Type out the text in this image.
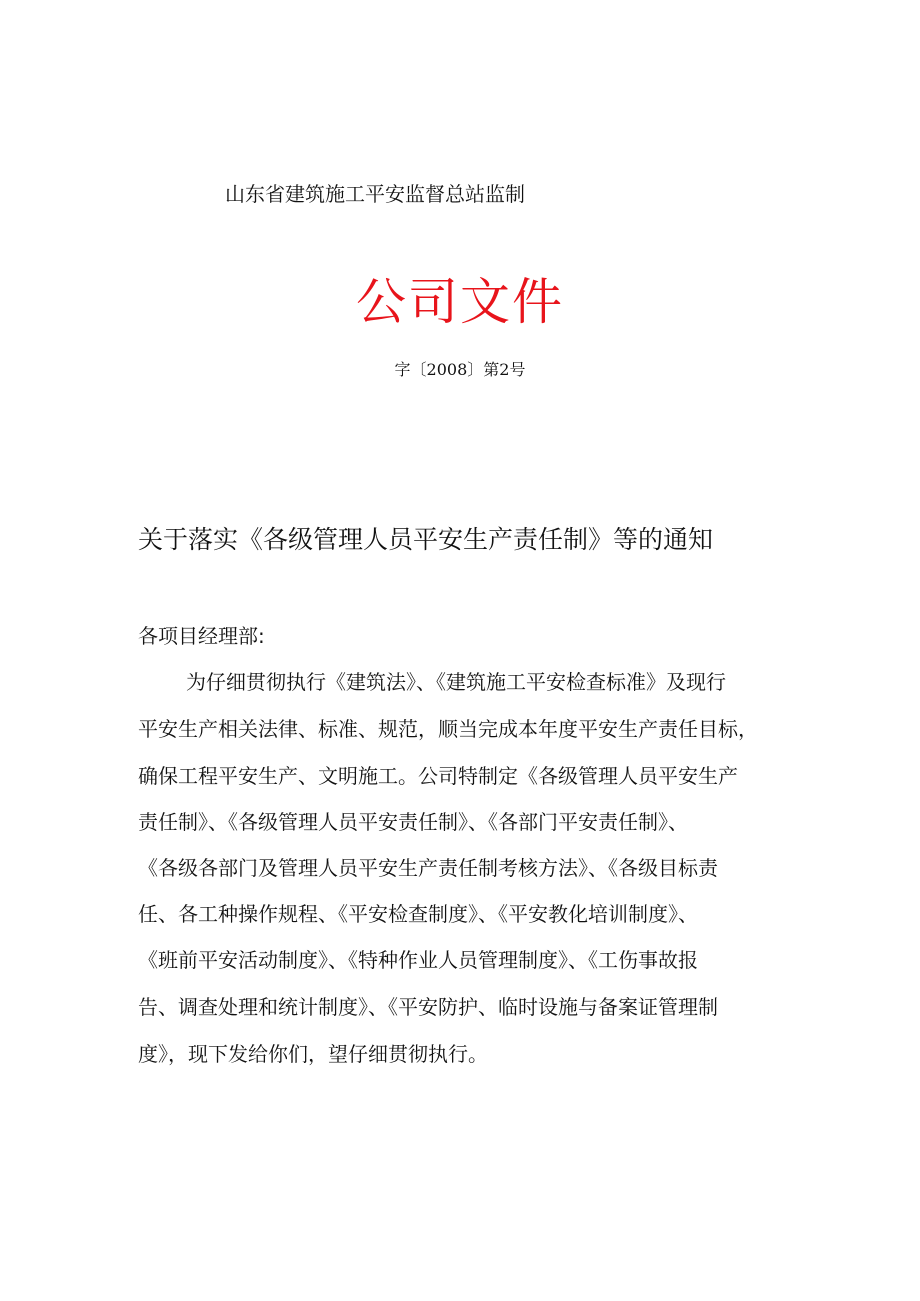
山东省建筑施工平安监督总站监制
公司文件
字〔2008〕第2号
关于落实《各级管理人员平安生产责任制》等的通知
各项目经理部:
为仔细贯彻执行《建筑法》、《建筑施工平安检查标准》及现行
平安生产相关法律、标准、规范，顺当完成本年度平安生产责任目标，
确保工程平安生产、文明施工。公司特制定《各级管理人员平安生产
责任制》、《各级管理人员平安责任制》、《各部门平安责任制》、
《各级各部门及管理人员平安生产责任制考核方法》、《各级目标责
任、各工种操作规程、《平安检查制度》、《平安教化培训制度》、
《班前平安活动制度》、《特种作业人员管理制度》、《工伤事故报
告、调查处理和统计制度》、《平安防护、临时设施与备案证管理制
度》，现下发给你们，望仔细贯彻执行。
